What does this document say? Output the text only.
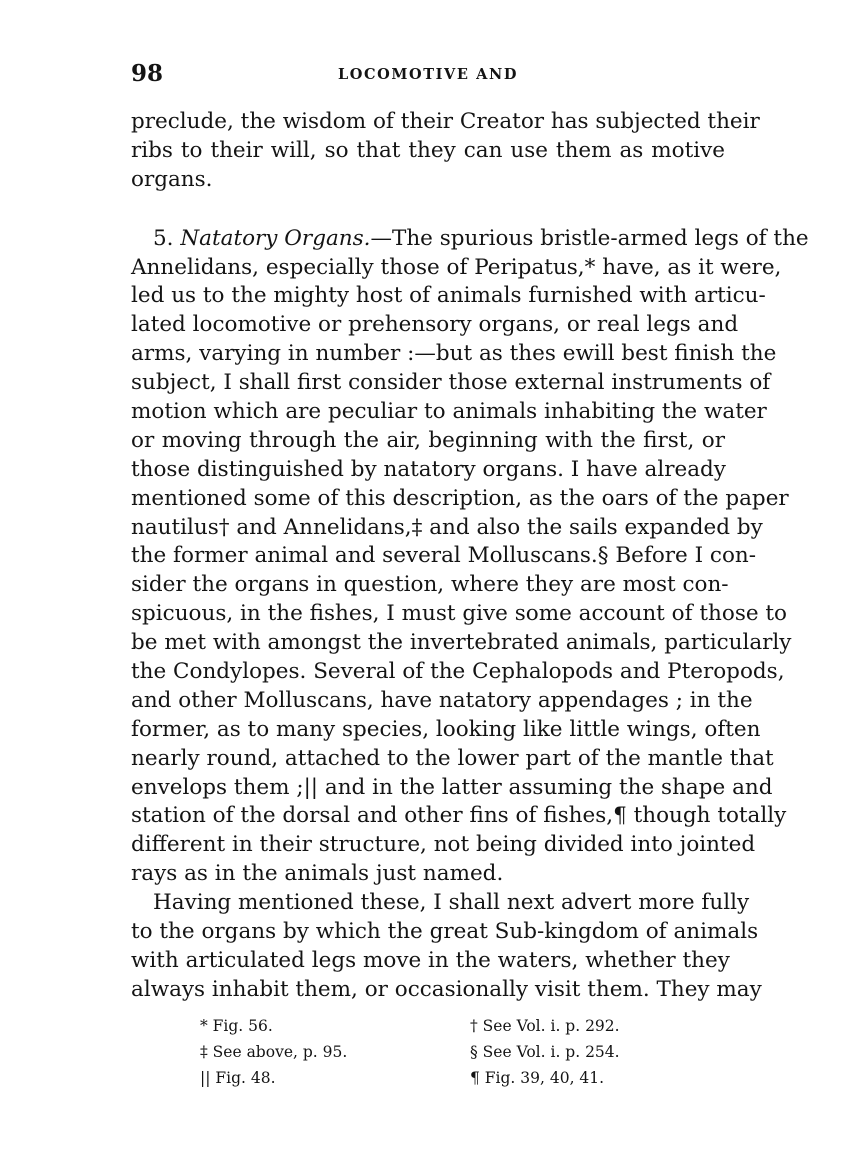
98	LOCOMOTIVE AND
preclude, the wisdom of their Creator has subjected their
ribs to their will, so that they can use them as motive
organs.
5. Natatory Organs.—The spurious bristle-armed legs of the
Annelidans, especially those of Peripatus,* have, as it were,
led us to the mighty host of animals furnished with articu-
lated locomotive or prehensory organs, or real legs and
arms, varying in number :—but as thes ewill best finish the
subject, I shall first consider those external instruments of
motion which are peculiar to animals inhabiting the water
or moving through the air, beginning with the first, or
those distinguished by natatory organs. I have already
mentioned some of this description, as the oars of the paper
nautilus† and Annelidans,‡ and also the sails expanded by
the former animal and several Molluscans.§ Before I con-
sider the organs in question, where they are most con-
spicuous, in the fishes, I must give some account of those to
be met with amongst the invertebrated animals, particularly
the Condylopes. Several of the Cephalopods and Pteropods,
and other Molluscans, have natatory appendages ; in the
former, as to many species, looking like little wings, often
nearly round, attached to the lower part of the mantle that
envelops them ;|| and in the latter assuming the shape and
station of the dorsal and other fins of fishes,¶ though totally
different in their structure, not being divided into jointed
rays as in the animals just named.
Having mentioned these, I shall next advert more fully
to the organs by which the great Sub-kingdom of animals
with articulated legs move in the waters, whether they
always inhabit them, or occasionally visit them. They may
* Fig. 56.	† See Vol. i. p. 292.
‡ See above, p. 95.	§ See Vol. i. p. 254.
|| Fig. 48.	¶ Fig. 39, 40, 41.
